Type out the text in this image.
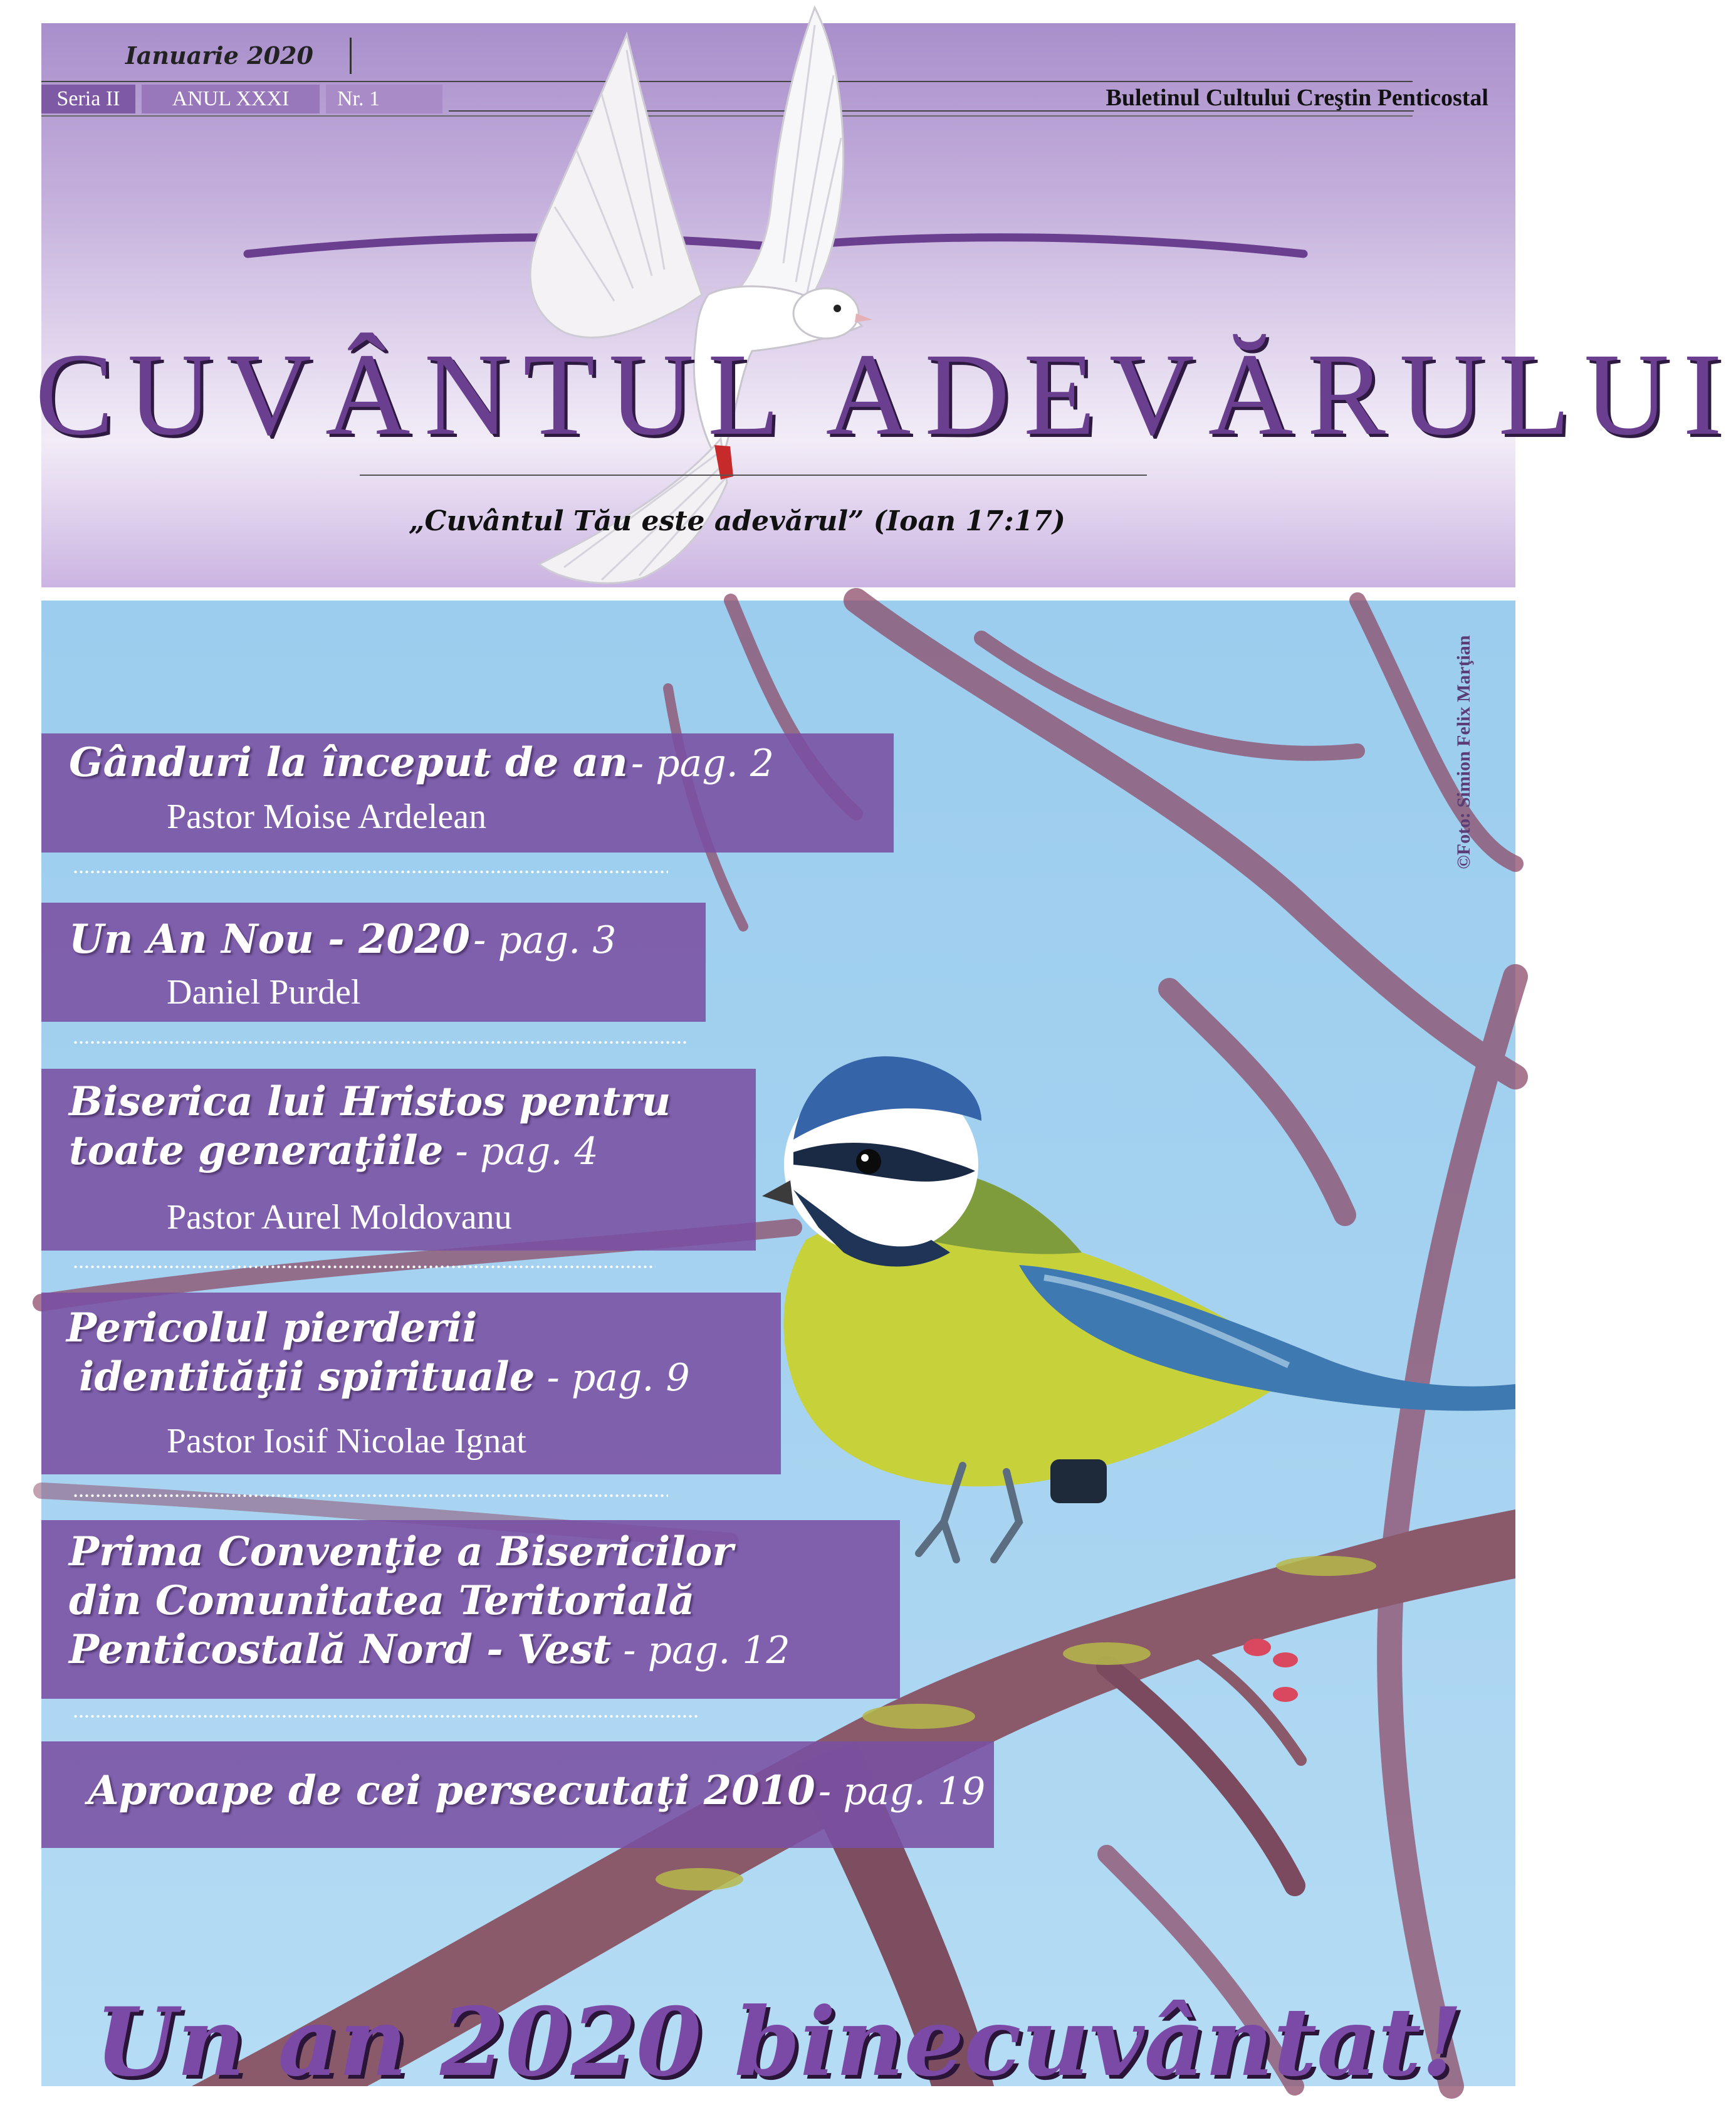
Ianuarie 2020
Seria II	ANUL XXXI	Nr. 1	Buletinul Cultului Creştin Penticostal
CUVÂNTUL ADEVĂRULUI
„Cuvântul Tău este adevărul” (Ioan 17:17)
©Foto: Simion Felix Marţian
Gânduri la început de an - pag. 2
Pastor Moise Ardelean
Un An Nou - 2020 - pag. 3
Daniel Purdel
Biserica lui Hristos pentru
toate generaţiile - pag. 4
Pastor Aurel Moldovanu
Pericolul pierderii
identităţii spirituale - pag. 9
Pastor Iosif Nicolae Ignat
Prima Convenţie a Bisericilor
din Comunitatea Teritorială
Penticostală Nord - Vest - pag. 12
Aproape de cei persecutaţi 2010 - pag. 19
Un an 2020 binecuvântat!
